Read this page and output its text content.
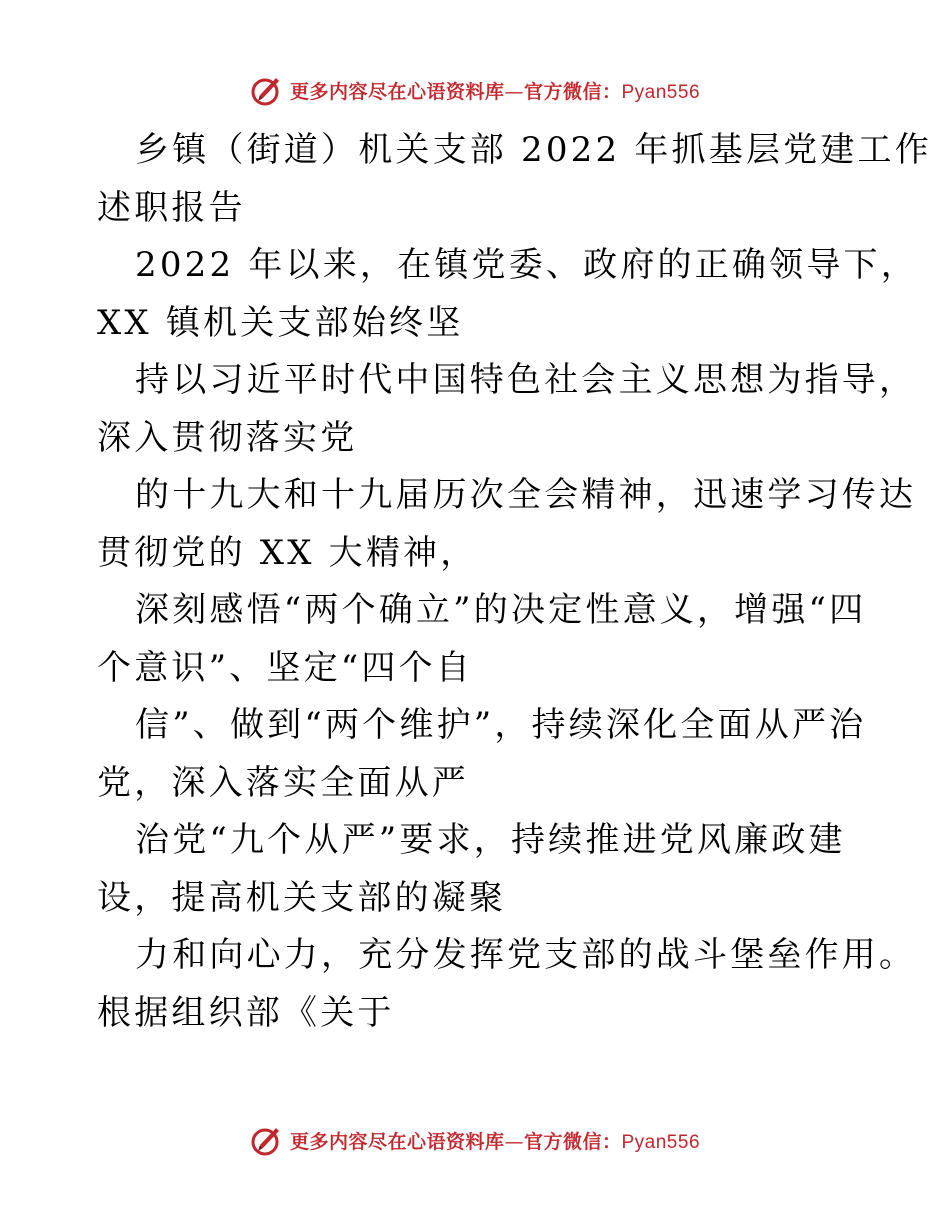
更多内容尽在心语资料库—官方微信：Pyan556

乡镇（街道）机关支部 2022 年抓基层党建工作
述职报告

2022 年以来，在镇党委、政府的正确领导下，
XX 镇机关支部始终坚

持以习近平时代中国特色社会主义思想为指导，
深入贯彻落实党

的十九大和十九届历次全会精神，迅速学习传达
贯彻党的 XX 大精神，

深刻感悟“两个确立”的决定性意义，增强“四
个意识”、坚定“四个自

信”、做到“两个维护”，持续深化全面从严治
党，深入落实全面从严

治党“九个从严”要求，持续推进党风廉政建
设，提高机关支部的凝聚

力和向心力，充分发挥党支部的战斗堡垒作用。
根据组织部《关于

更多内容尽在心语资料库—官方微信：Pyan556
